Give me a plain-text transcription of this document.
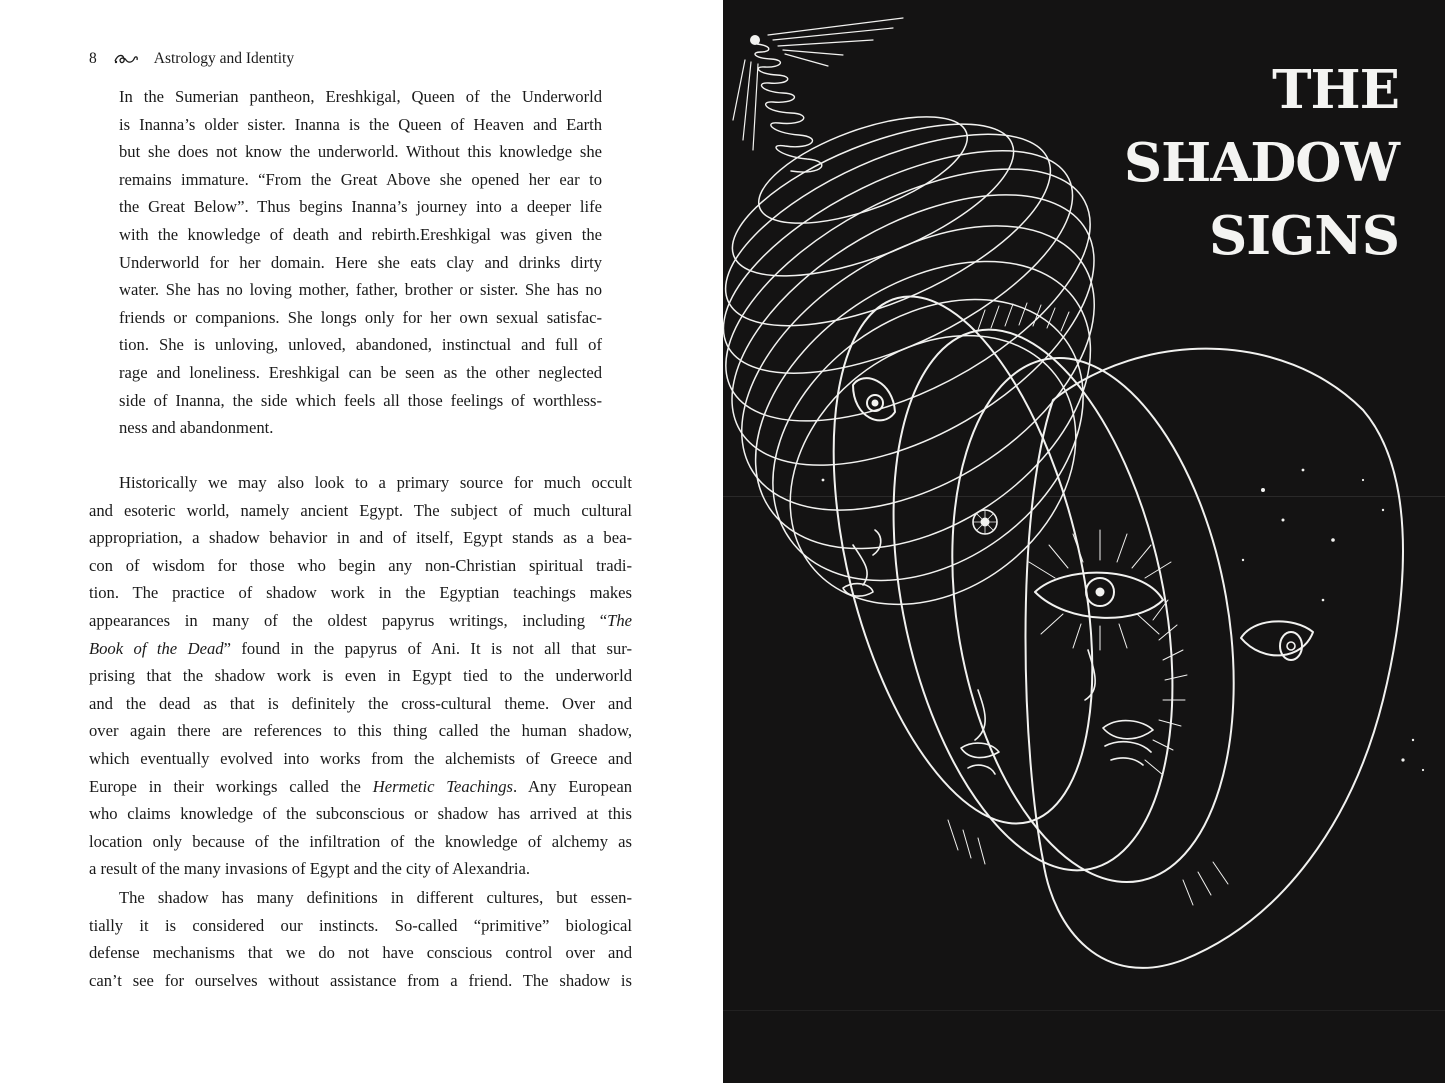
8	Astrology and Identity
In the Sumerian pantheon, Ereshkigal, Queen of the Underworld
is Inanna’s older sister. Inanna is the Queen of Heaven and Earth
but she does not know the underworld. Without this knowledge she
remains immature. “From the Great Above she opened her ear to
the Great Below”. Thus begins Inanna’s journey into a deeper life
with the knowledge of death and rebirth.Ereshkigal was given the
Underworld for her domain. Here she eats clay and drinks dirty
water. She has no loving mother, father, brother or sister. She has no
friends or companions. She longs only for her own sexual satisfac-
tion. She is unloving, unloved, abandoned, instinctual and full of
rage and loneliness. Ereshkigal can be seen as the other neglected
side of Inanna, the side which feels all those feelings of worthless-
ness and abandonment.
Historically we may also look to a primary source for much occult
and esoteric world, namely ancient Egypt. The subject of much cultural
appropriation, a shadow behavior in and of itself, Egypt stands as a bea-
con of wisdom for those who begin any non-Christian spiritual tradi-
tion. The practice of shadow work in the Egyptian teachings makes
appearances in many of the oldest papyrus writings, including “The
Book of the Dead” found in the papyrus of Ani. It is not all that sur-
prising that the shadow work is even in Egypt tied to the underworld
and the dead as that is definitely the cross-cultural theme. Over and
over again there are references to this thing called the human shadow,
which eventually evolved into works from the alchemists of Greece and
Europe in their workings called the Hermetic Teachings. Any European
who claims knowledge of the subconscious or shadow has arrived at this
location only because of the infiltration of the knowledge of alchemy as
a result of the many invasions of Egypt and the city of Alexandria.
The shadow has many definitions in different cultures, but essen-
tially it is considered our instincts. So-called “primitive” biological
defense mechanisms that we do not have conscious control over and
can’t see for ourselves without assistance from a friend. The shadow is
THE
SHADOW
SIGNS
